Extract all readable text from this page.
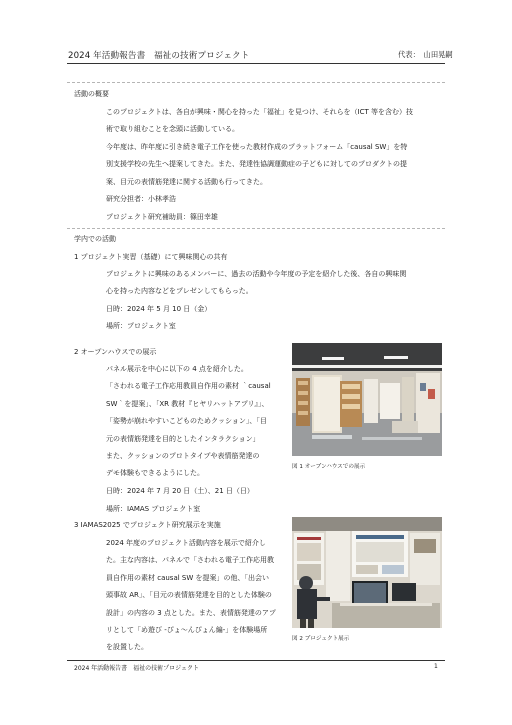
2024 年活動報告書　福祉の技術プロジェクト	代表：　山田晃嗣
活動の概要
このプロジェクトは、各自が興味・関心を持った「福祉」を見つけ、それらを（ICT 等を含む）技
術で取り組むことを念頭に活動している。
今年度は、昨年度に引き続き電子工作を使った教材作成のプラットフォーム「causal SW」を特
別支援学校の先生へ提案してきた。また、発達性協調運動症の子どもに対してのプロダクトの提
案、目元の表情筋発達に関する活動も行ってきた。
研究分担者：小林孝浩
プロジェクト研究補助員：篠田幸雄
学内での活動
1 プロジェクト実習（基礎）にて興味関心の共有
プロジェクトに興味のあるメンバーに、過去の活動や今年度の予定を紹介した後、各自の興味関
心を持った内容などをプレゼンしてもらった。
日時：2024 年 5 月 10 日（金）
場所：プロジェクト室
2 オープンハウスでの展示
パネル展示を中心に以下の 4 点を紹介した。
「さわれる電子工作応用教員自作用の素材 ｀causal
SW｀を提案」、「XR 教材『ヒヤリハットアプリ』」、
「姿勢が崩れやすいこどものためクッション」、「目
元の表情筋発達を目的としたインタラクション」
また、クッションのプロトタイプや表情筋発達の
デモ体験もできるようにした。
日時：2024 年 7 月 20 日（土）、21 日（日）
場所：IAMAS プロジェクト室
図 1 オープンハウスでの展示
3 IAMAS2025 でプロジェクト研究展示を実施
2024 年度のプロジェクト活動内容を展示で紹介し
た。主な内容は、パネルで「さわれる電子工作応用教
員自作用の素材 causal SW を提案」の他、「出会い
頭事故 AR」、「目元の表情筋発達を目的とした体験の
設計」の内容の 3 点とした。また、表情筋発達のアプ
リとして「め遊び -ぴょ～んぴょん編-」を体験場所
を設置した。
図 2 プロジェクト展示
2024 年活動報告書　福祉の技術プロジェクト	1
